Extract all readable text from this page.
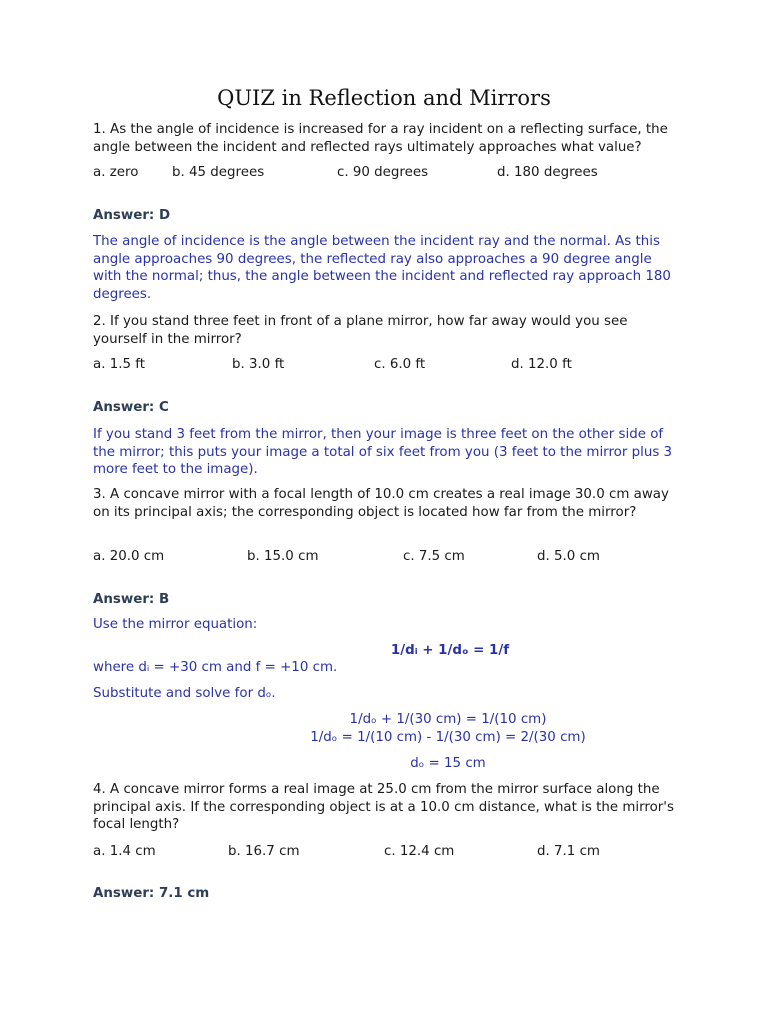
QUIZ in Reflection and Mirrors
1. As the angle of incidence is increased for a ray incident on a reflecting surface, the angle between the incident and reflected rays ultimately approaches what value?
a. zero	b. 45 degrees	c. 90 degrees	d. 180 degrees
Answer: D
The angle of incidence is the angle between the incident ray and the normal. As this angle approaches 90 degrees, the reflected ray also approaches a 90 degree angle with the normal; thus, the angle between the incident and reflected ray approach 180 degrees.
2. If you stand three feet in front of a plane mirror, how far away would you see yourself in the mirror?
a. 1.5 ft	b. 3.0 ft	c. 6.0 ft	d. 12.0 ft
Answer: C
If you stand 3 feet from the mirror, then your image is three feet on the other side of the mirror; this puts your image a total of six feet from you (3 feet to the mirror plus 3 more feet to the image).
3. A concave mirror with a focal length of 10.0 cm creates a real image 30.0 cm away on its principal axis; the corresponding object is located how far from the mirror?
a. 20.0 cm	b. 15.0 cm	c. 7.5 cm	d. 5.0 cm
Answer: B
Use the mirror equation:
1/dᵢ + 1/dₒ = 1/f
where dᵢ = +30 cm and f = +10 cm.
Substitute and solve for dₒ.
1/dₒ + 1/(30 cm) = 1/(10 cm)
1/dₒ = 1/(10 cm) - 1/(30 cm) = 2/(30 cm)
dₒ = 15 cm
4. A concave mirror forms a real image at 25.0 cm from the mirror surface along the principal axis. If the corresponding object is at a 10.0 cm distance, what is the mirror's focal length?
a. 1.4 cm	b. 16.7 cm	c. 12.4 cm	d. 7.1 cm
Answer: 7.1 cm
